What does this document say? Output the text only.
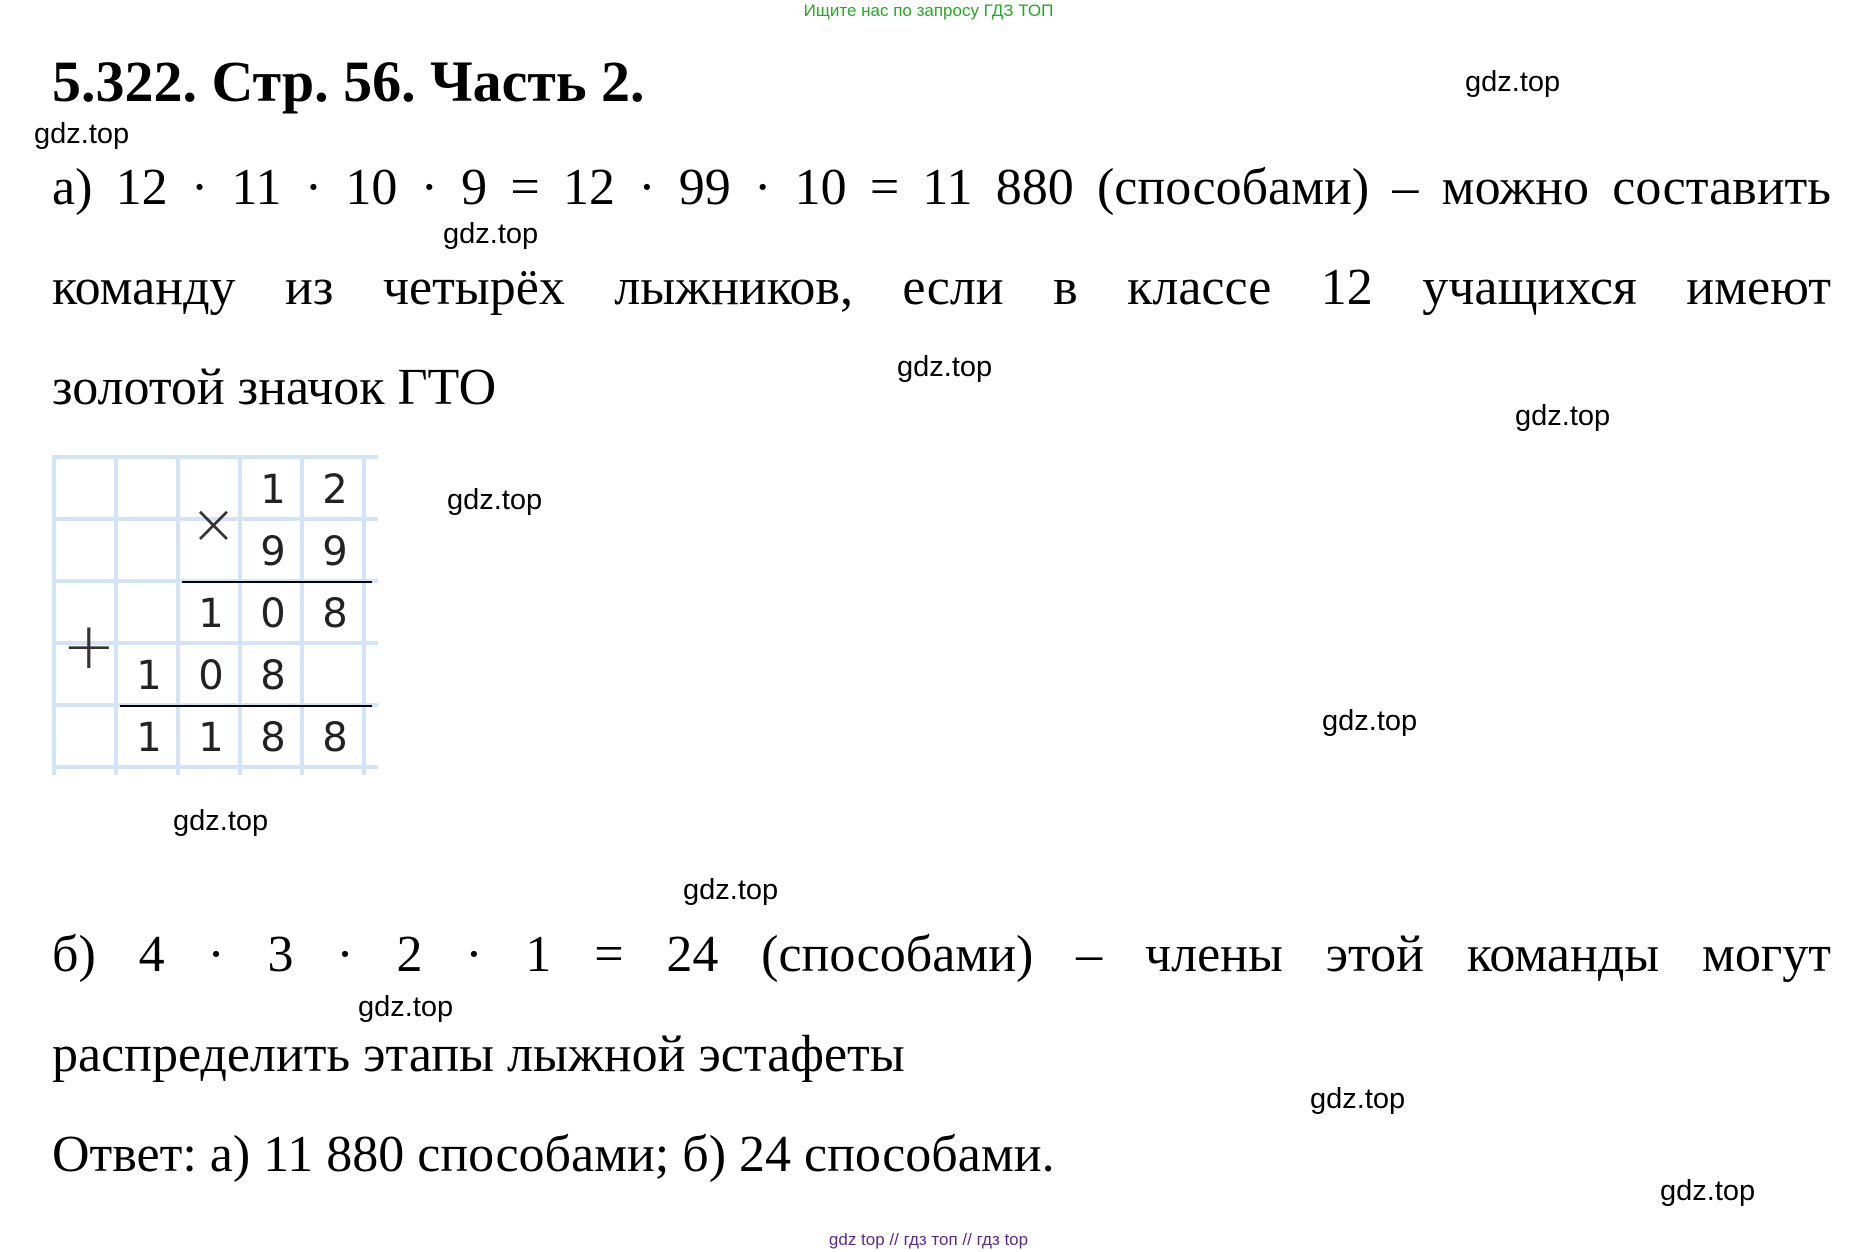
Ищите нас по запросу ГДЗ ТОП
5.322. Стр. 56. Часть 2.
а) 12 · 11 · 10 · 9 = 12 · 99 · 10 = 11 880 (способами) – можно составить
команду из четырёх лыжников, если в классе 12 учащихся имеют
золотой значок ГТО
×
+
1 2
9 9
1 0 8
1 0 8
1 1 8 8
б) 4 · 3 · 2 · 1 = 24 (способами) – члены этой команды могут
распределить этапы лыжной эстафеты
Ответ: а) 11 880 способами; б) 24 способами.
gdz.top
gdz.top
gdz.top
gdz.top
gdz.top
gdz.top
gdz.top
gdz.top
gdz.top
gdz.top
gdz.top
gdz.top
gdz top // гдз топ // гдз top
